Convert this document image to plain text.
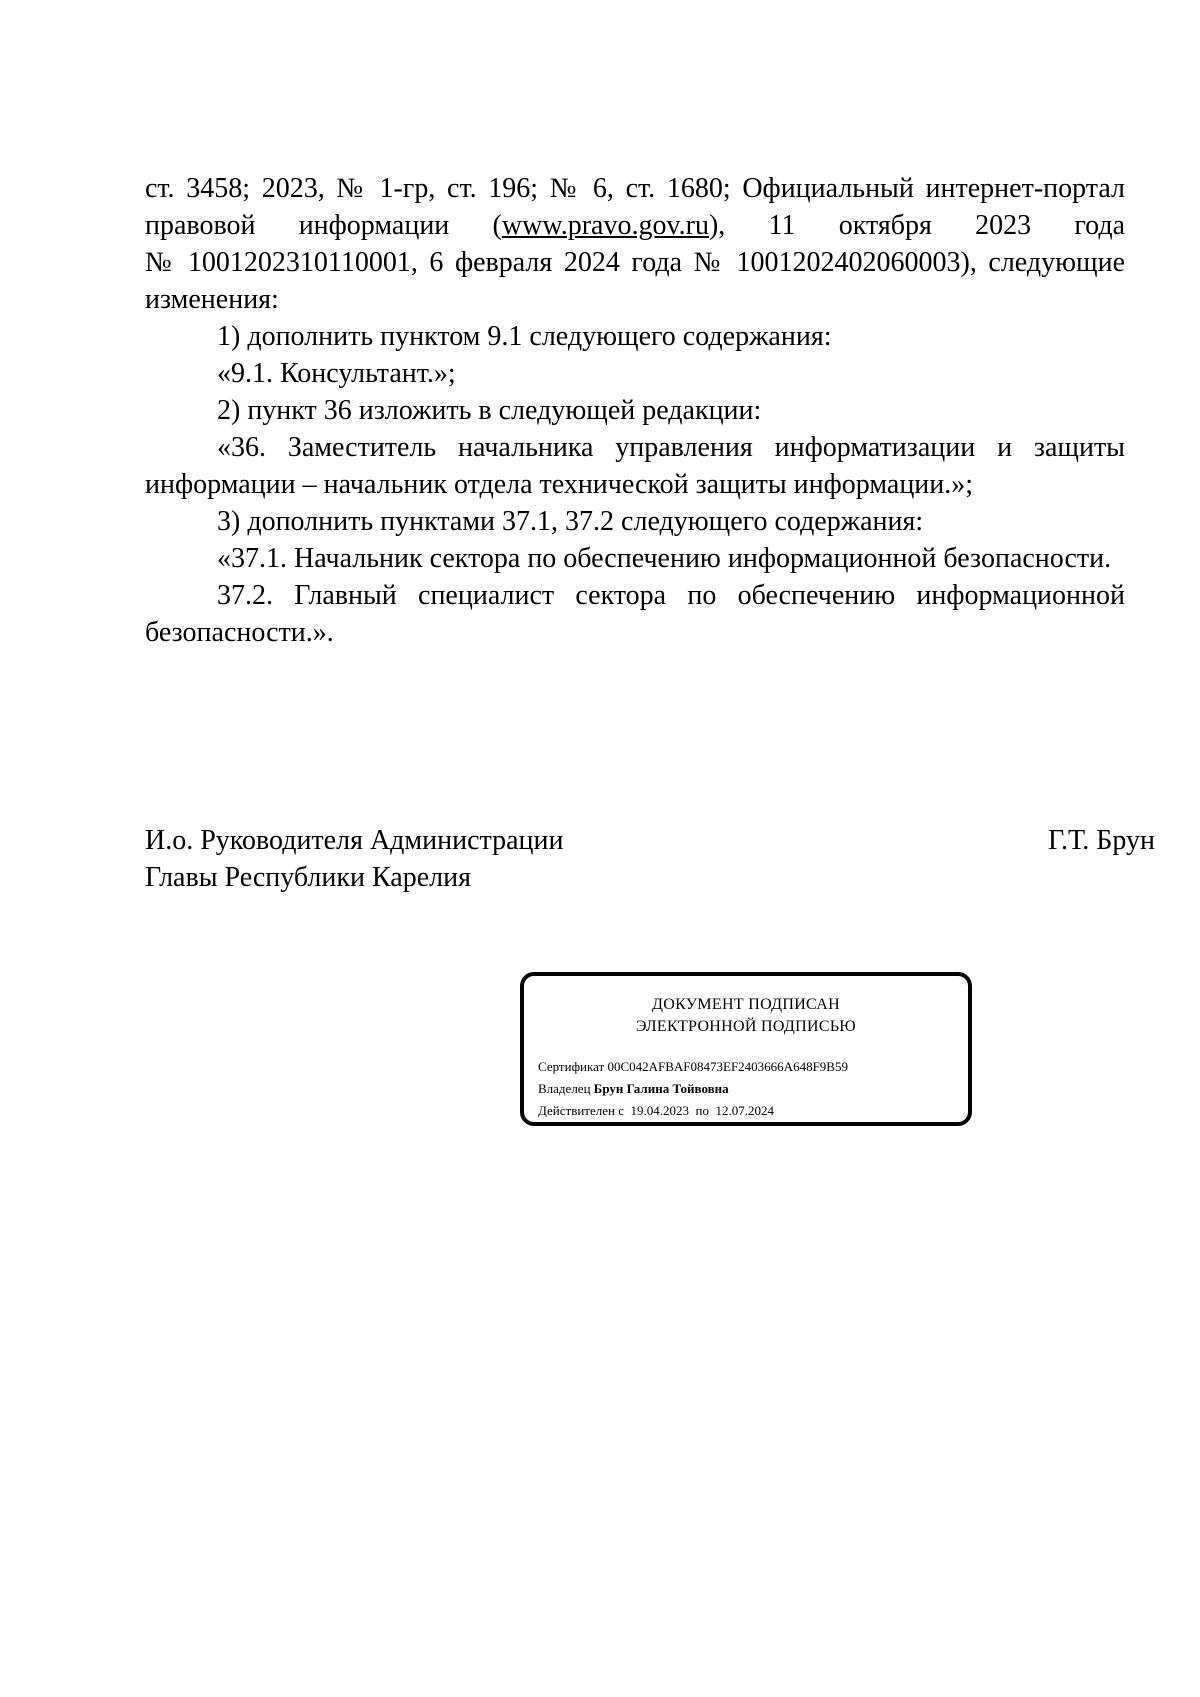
ст. 3458; 2023, № 1-гр, ст. 196; № 6, ст. 1680; Официальный интернет-портал
правовой информации (www.pravo.gov.ru), 11 октября 2023 года
№ 1001202310110001, 6 февраля 2024 года № 1001202402060003), следующие
изменения:

1) дополнить пунктом 9.1 следующего содержания:

«9.1. Консультант.»;

2) пункт 36 изложить в следующей редакции:

«36. Заместитель начальника управления информатизации и защиты информации – начальник отдела технической защиты информации.»;

3) дополнить пунктами 37.1, 37.2 следующего содержания:

«37.1. Начальник сектора по обеспечению информационной безопасности.

37.2. Главный специалист сектора по обеспечению информационной безопасности.».

И.о. Руководителя Администрации
Главы Республики Карелия
Г.Т. Брун
ДОКУМЕНТ ПОДПИСАН
ЭЛЕКТРОННОЙ ПОДПИСЬЮ
Сертификат 00C042AFBAF08473EF2403666A648F9B59
Владелец Брун Галина Тойвовна
Действителен с 19.04.2023 по 12.07.2024
